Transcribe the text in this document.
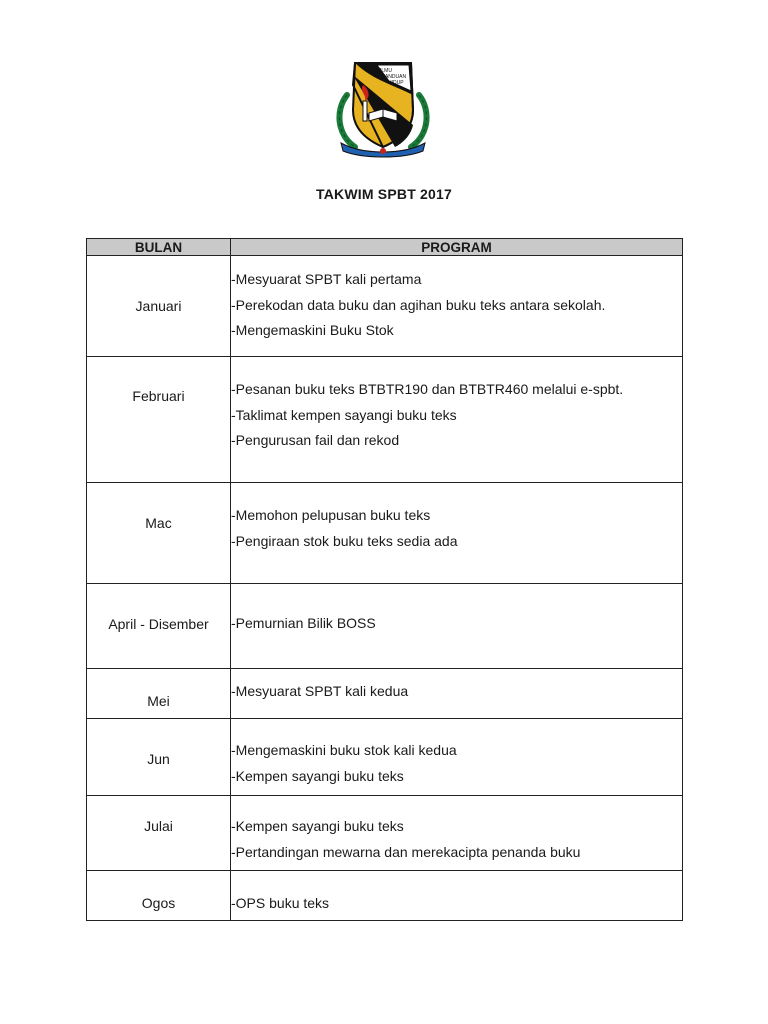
ILMU
PANDUAN
HIDUP
TAKWIM SPBT 2017
BULAN	PROGRAM
Januari	-Mesyuarat SPBT kali pertama
-Perekodan data buku dan agihan buku teks antara sekolah.
-Mengemaskini Buku Stok

Februari	-Pesanan buku teks BTBTR190 dan BTBTR460 melalui e-spbt.
-Taklimat kempen sayangi buku teks
-Pengurusan fail dan rekod

Mac	-Memohon pelupusan buku teks
-Pengiraan stok buku teks sedia ada

April - Disember	-Pemurnian Bilik BOSS

Mei	-Mesyuarat SPBT kali kedua

Jun	-Mengemaskini buku stok kali kedua
-Kempen sayangi buku teks

Julai	-Kempen sayangi buku teks
-Pertandingan mewarna dan merekacipta penanda buku

Ogos	-OPS buku teks
